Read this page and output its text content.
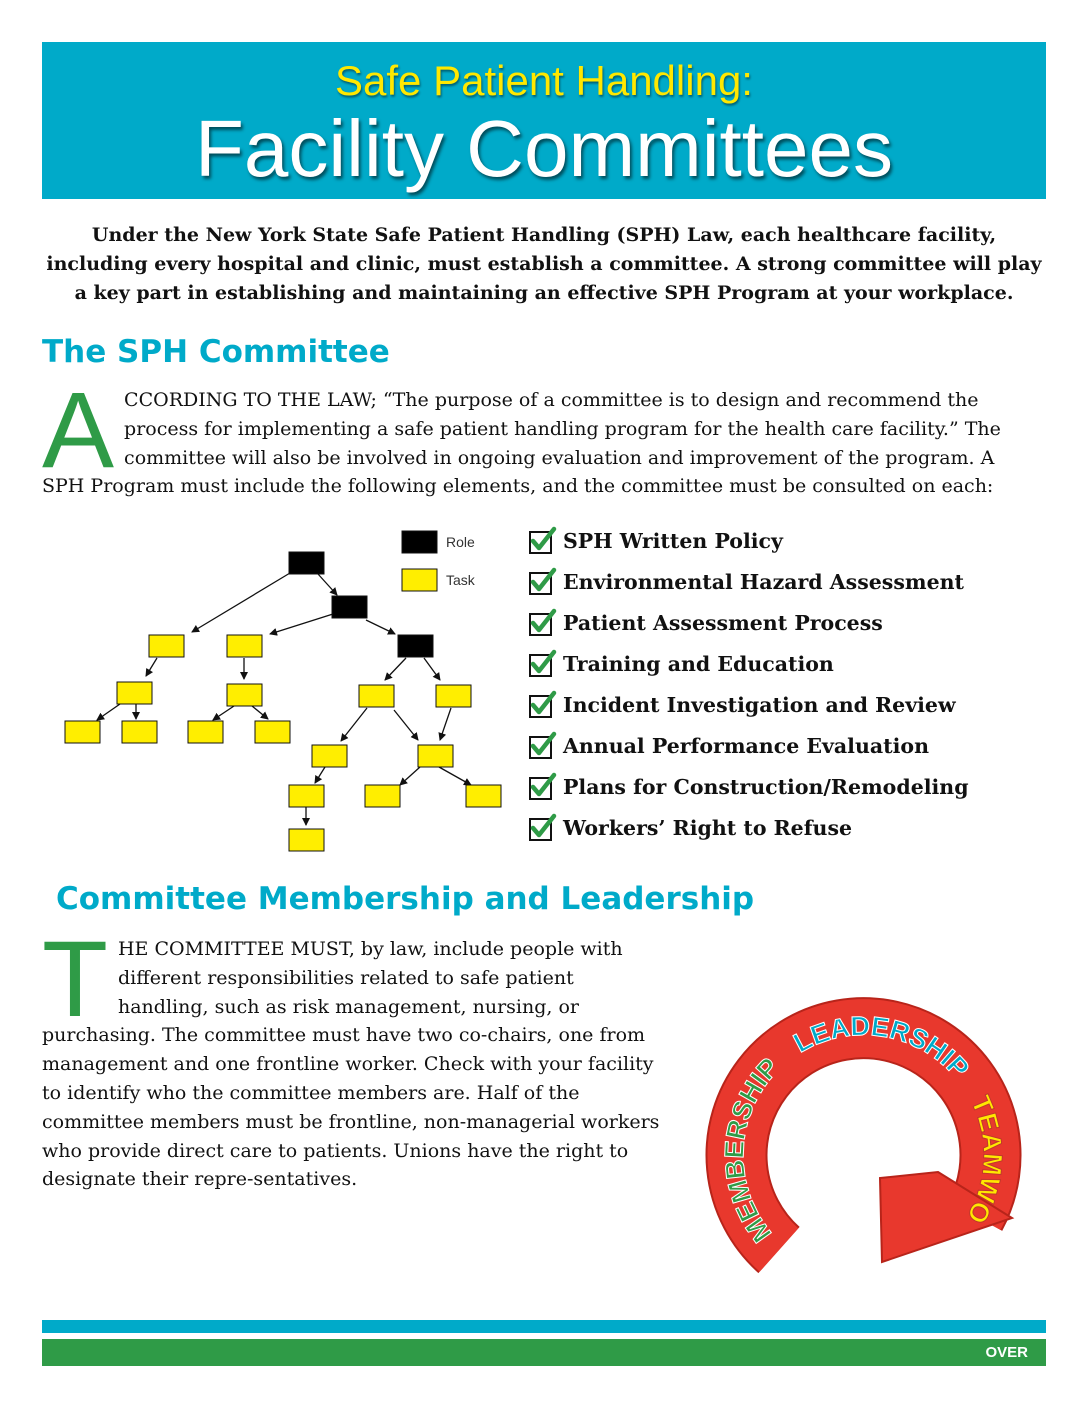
Safe Patient Handling:
Facility Committees
Under the New York State Safe Patient Handling (SPH) Law, each healthcare facility,
including every hospital and clinic, must establish a committee. A strong committee will play
a key part in establishing and maintaining an effective SPH Program at your workplace.
The SPH Committee
A CCORDING TO THE LAW; “The purpose of a committee is to design and recommend the process for implementing a safe patient handling program for the health care facility.” The committee will also be involved in ongoing evaluation and improvement of the program. A SPH Program must include the following elements, and the committee must be consulted on each:
Role
Task
SPH Written Policy
Environmental Hazard Assessment
Patient Assessment Process
Training and Education
Incident Investigation and Review
Annual Performance Evaluation
Plans for Construction/Remodeling
Workers’ Right to Refuse
Committee Membership and Leadership
T HE COMMITTEE MUST, by law, include people with different responsibilities related to safe patient handling, such as risk management, nursing, or purchasing. The committee must have two co-chairs, one from management and one frontline worker. Check with your facility to identify who the committee members are. Half of the committee members must be frontline, non-managerial workers who provide direct care to patients. Unions have the right to designate their repre-sentatives.
MEMBERSHIP LEADERSHIP TEAMWO
OVER
